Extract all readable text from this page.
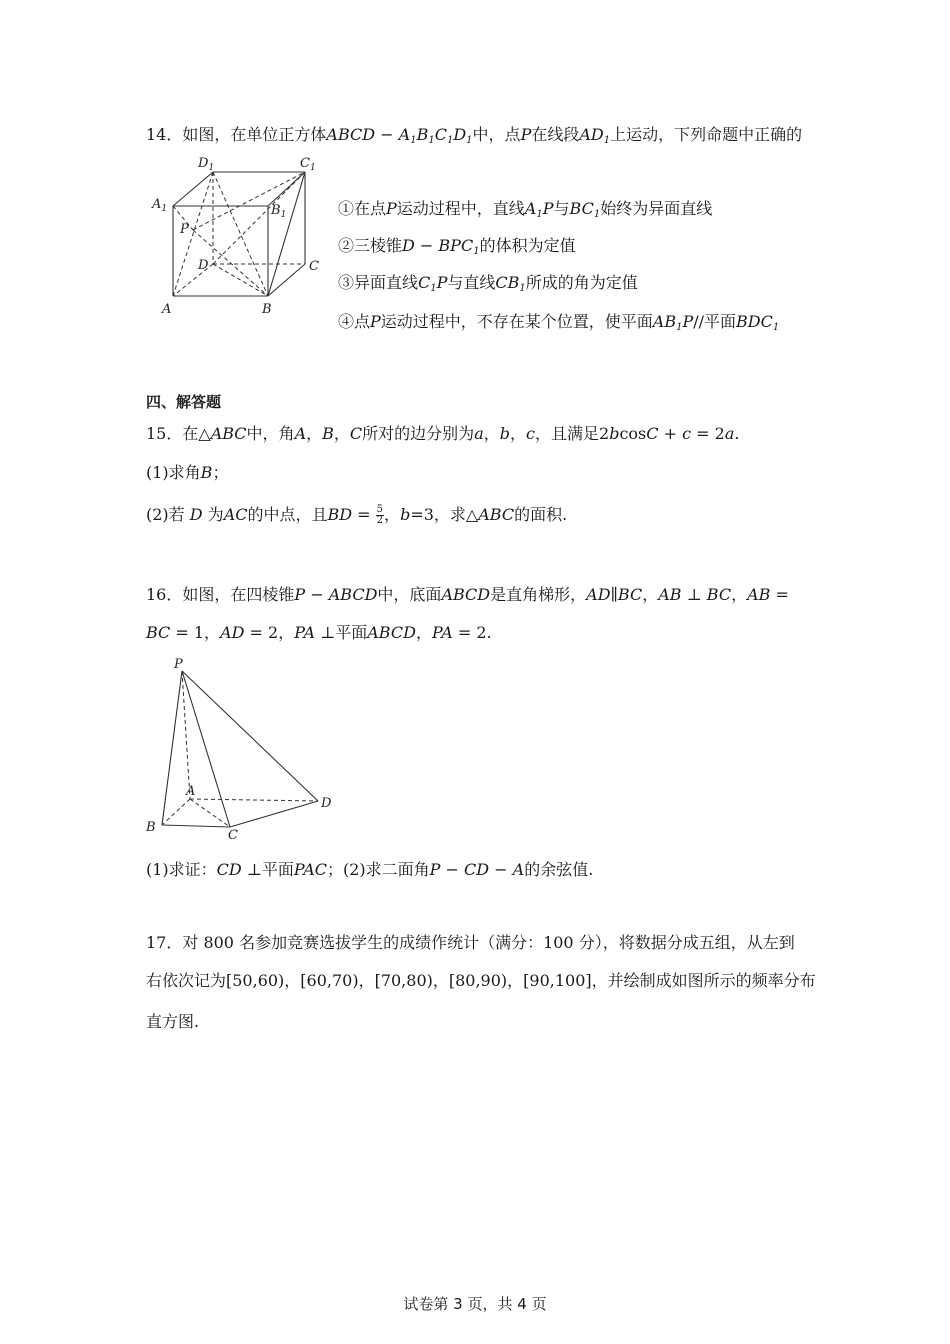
14．如图，在单位正方体ABCD − $A_1B_1C_1D_1$中，点P在线段$AD_1$上运动，下列命题中正确的
$D_1$	$C_1$
$A_1$	$B_1$
P
D	C
A	B
①在点P运动过程中，直线$A_1P$与$BC_1$始终为异面直线
②三棱锥$D - BPC_1$的体积为定值
③异面直线$C_1P$与直线$CB_1$所成的角为定值
④点P运动过程中，不存在某个位置，使平面$AB_1P//$平面$BDC_1$
四、解答题
15．在△ABC中，角A，B，C所对的边分别为a，b，c，且满足2bcosC + c = 2a.
(1)求角B；
(2)若 D 为AC的中点，且BD = $\frac{5}{2}$ ，b=3，求△ABC的面积.
16．如图，在四棱锥P − ABCD中，底面ABCD是直角梯形，AD∥BC，AB ⊥ BC，AB =
BC = 1，AD = 2，PA ⊥平面ABCD，PA = 2.
P
A
B
C
D
(1)求证：CD ⊥平面PAC；(2)求二面角P − CD − A的余弦值.
17．对 800 名参加竞赛选拔学生的成绩作统计（满分：100 分），将数据分成五组，从左到
右依次记为[50,60)，[60,70)，[70,80)，[80,90)，[90,100]，并绘制成如图所示的频率分布
直方图.
试卷第 3 页，共 4 页
